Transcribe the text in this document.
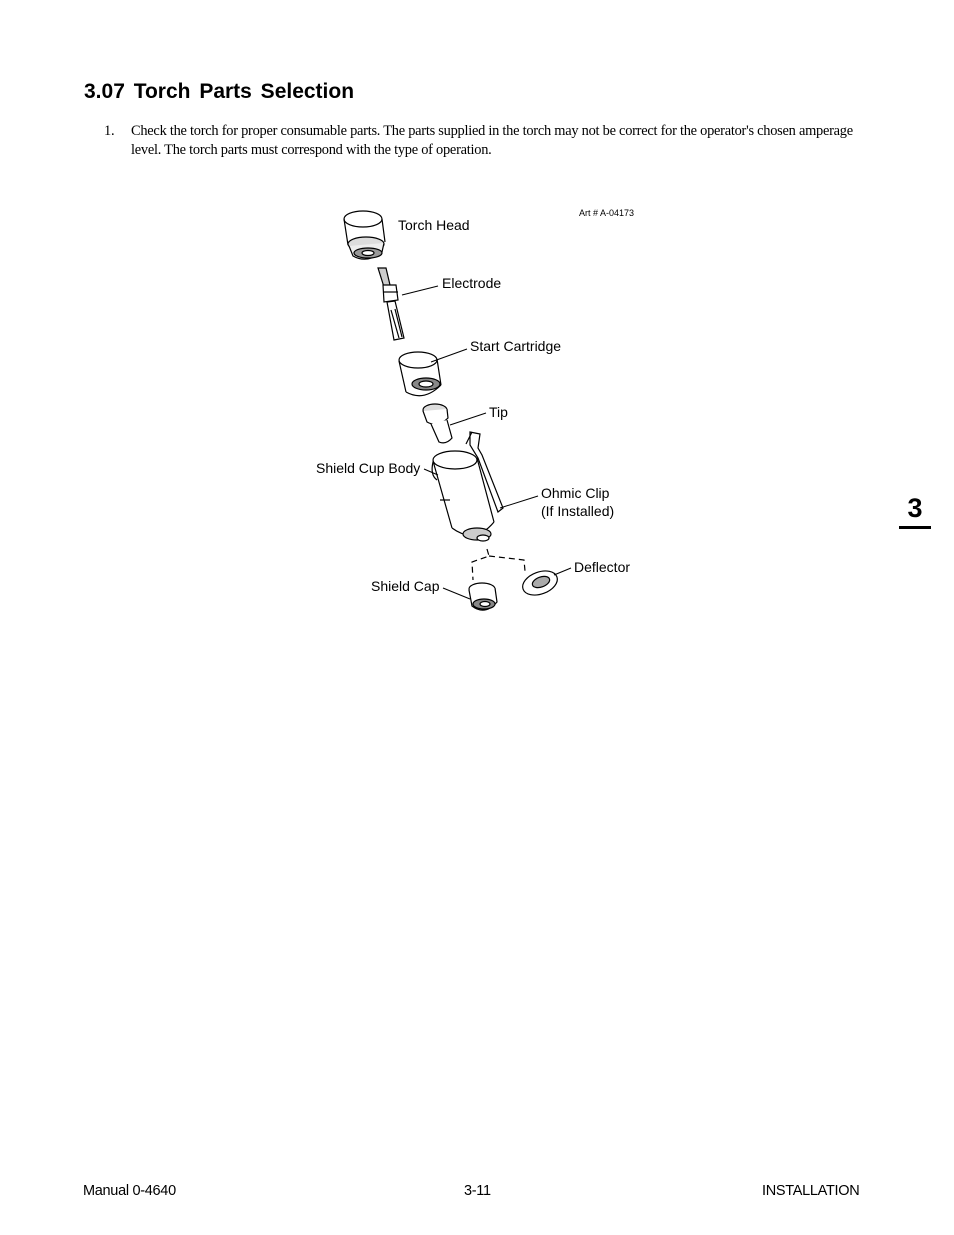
3.07 Torch Parts Selection
1. Check the torch for proper consumable parts. The parts supplied in the torch may not be correct for the operator's chosen amperage level. The torch parts must correspond with the type of operation.
Art # A-04173
Torch Head
Electrode
Start Cartridge
Tip
Shield Cup Body
Ohmic Clip
(If Installed)
Deflector
Shield Cap
3
Manual 0-4640	3-11	INSTALLATION
